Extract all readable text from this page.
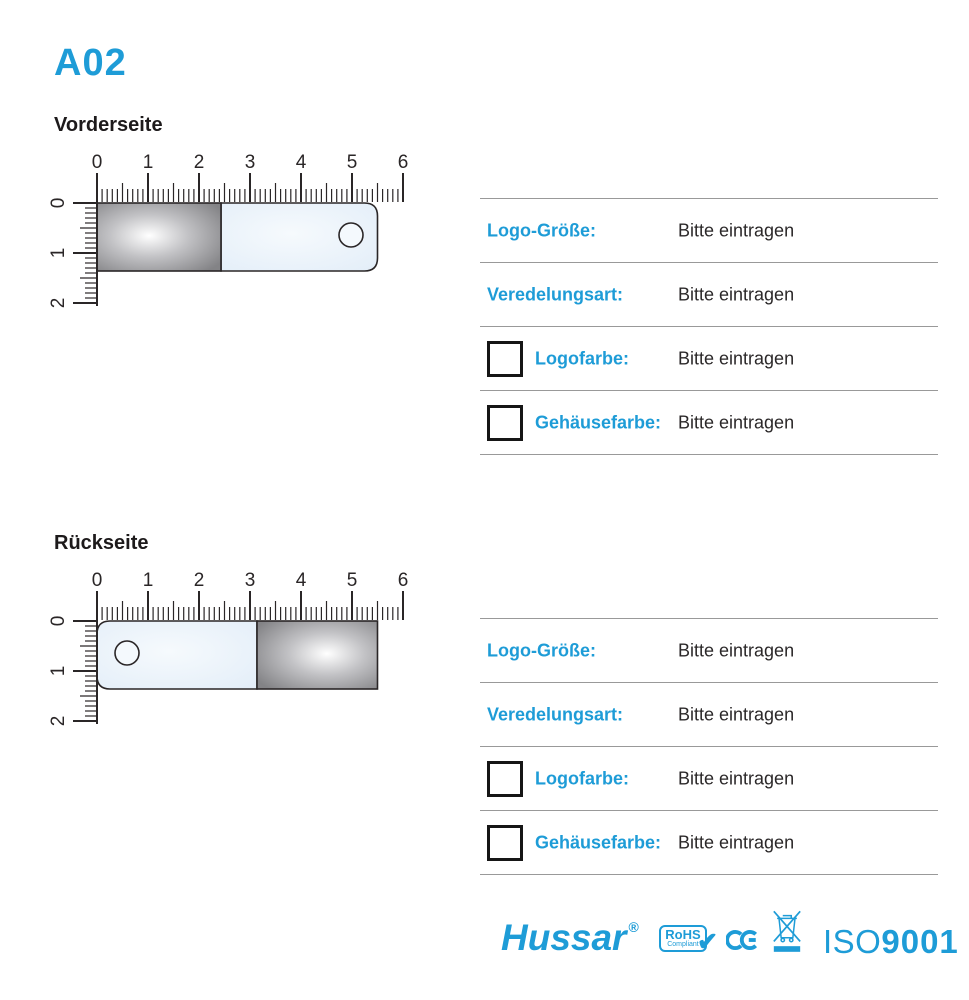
A02
Vorderseite
0 1 2 3 4 5 6
0
1
2
Logo-Größe:	Bitte eintragen
Veredelungsart:	Bitte eintragen
Logofarbe:	Bitte eintragen
Gehäusefarbe: Bitte eintragen
Rückseite
0 1 2 3 4 5 6
0
1
2
Logo-Größe:	Bitte eintragen
Veredelungsart:	Bitte eintragen
Logofarbe:	Bitte eintragen
Gehäusefarbe: Bitte eintragen
Hussar ®	RoHS
Compliant
✔	ISO9001
